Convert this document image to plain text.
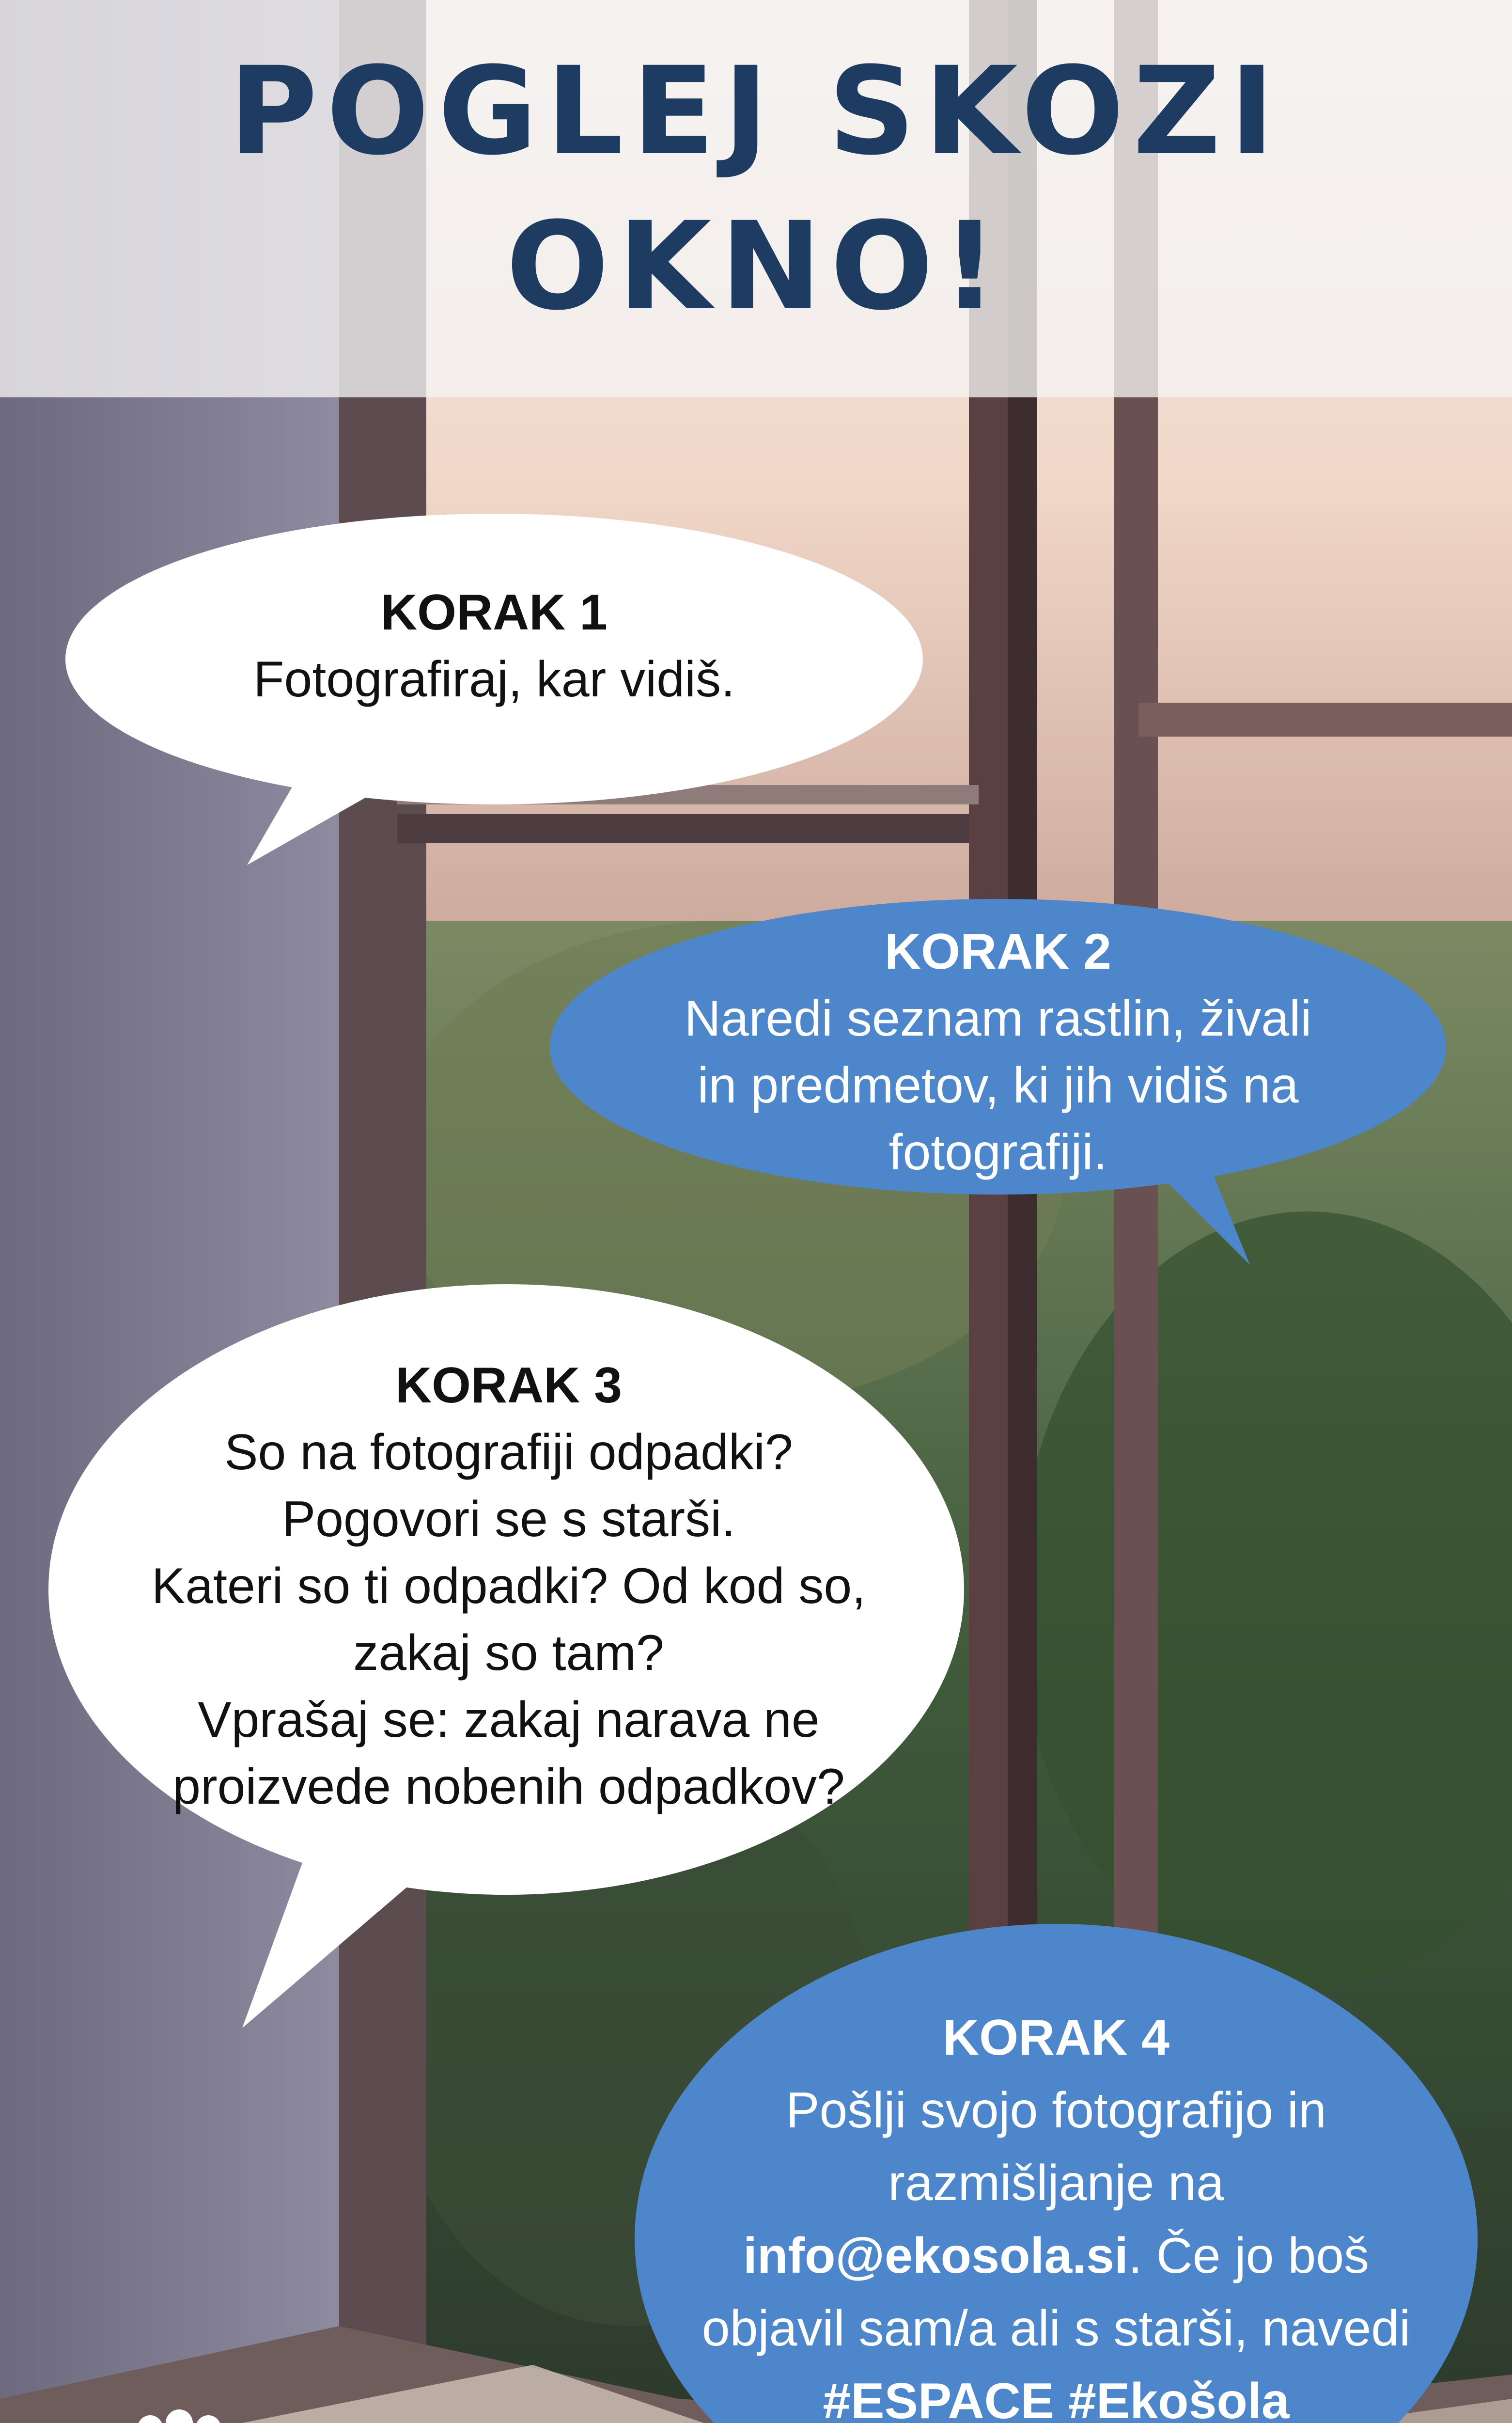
POGLEJ SKOZI
OKNO!
KORAK 1
Fotografiraj, kar vidiš.
KORAK 2
Naredi seznam rastlin, živali
in predmetov, ki jih vidiš na
fotografiji.
KORAK 3
So na fotografiji odpadki?
Pogovori se s starši.
Kateri so ti odpadki? Od kod so,
zakaj so tam?
Vprašaj se: zakaj narava ne
proizvede nobenih odpadkov?
KORAK 4
Pošlji svojo fotografijo in
razmišljanje na
info@ekosola.si. Če jo boš
objavil sam/a ali s starši, navedi
#ESPACE #Ekošola
